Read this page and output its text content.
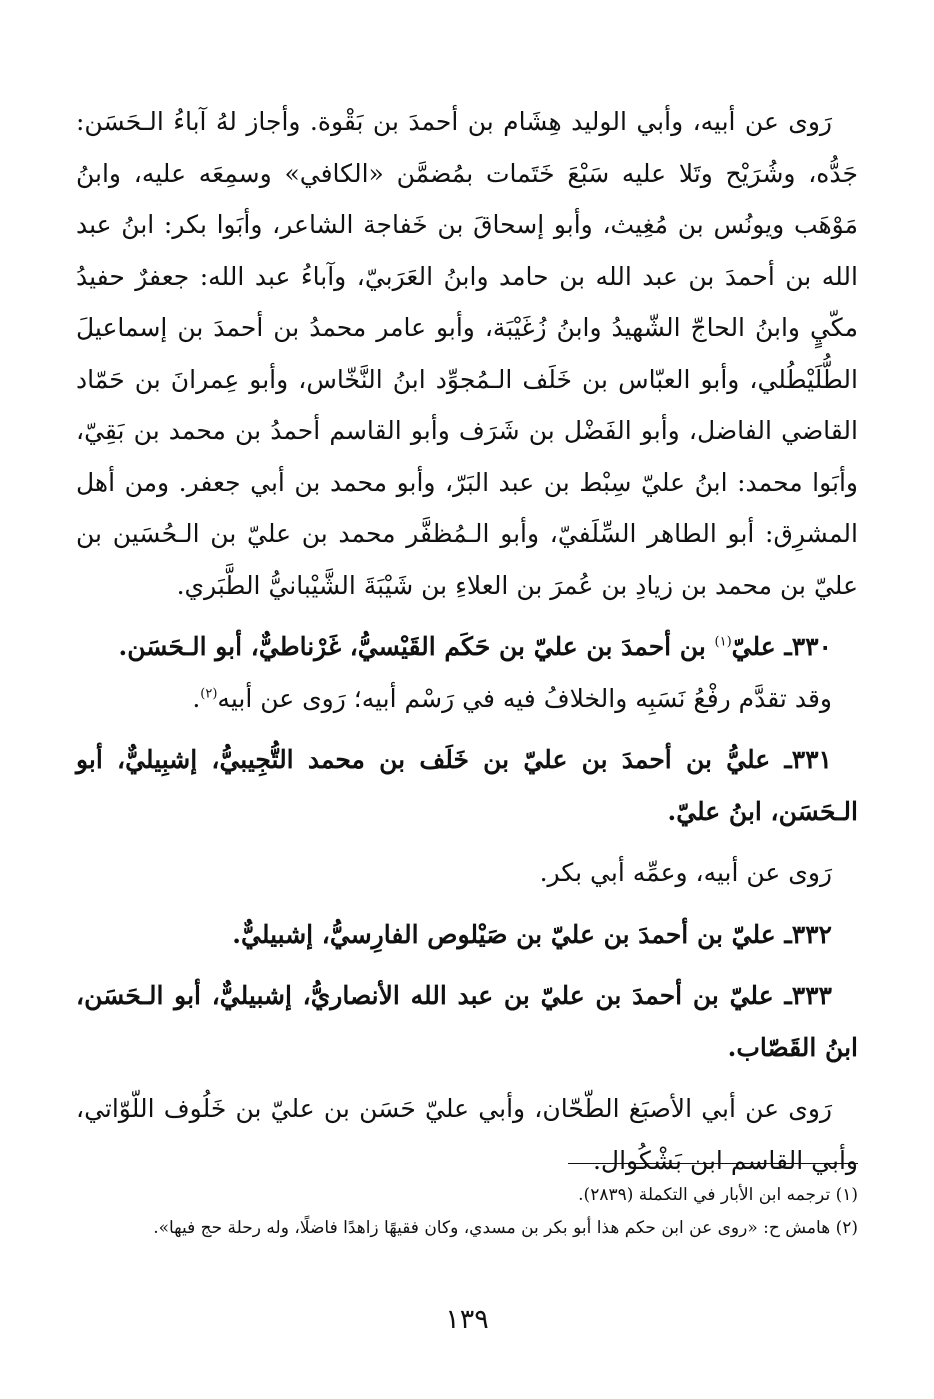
رَوى عن أبيه، وأبي الوليد هِشَام بن أحمدَ بن بَقْوة. وأجاز لهُ آباءُ الـحَسَن: جَدُّه، وشُرَيْح وتَلا عليه سَبْعَ خَتَمات بمُضمَّن «الكافي» وسمِعَه عليه، وابنُ مَوْهَب ويونُس بن مُغِيث، وأبو إسحاقَ بن خَفاجة الشاعر، وأبَوا بكر: ابنُ عبد الله بن أحمدَ بن عبد الله بن حامد وابنُ العَرَبيّ، وآباءُ عبد الله: جعفرٌ حفيدُ مكّيٍ وابنُ الحاجّ الشّهيدُ وابنُ زُغَيْبَة، وأبو عامر محمدُ بن أحمدَ بن إسماعيلَ الطُّلَيْطُلي، وأبو العبّاس بن خَلَف الـمُجوِّد ابنُ النَّخّاس، وأبو عِمرانَ بن حَمّاد القاضي الفاضل، وأبو الفَضْل بن شَرَف وأبو القاسم أحمدُ بن محمد بن بَقِيّ، وأبَوا محمد: ابنُ عليّ سِبْط بن عبد البَرّ، وأبو محمد بن أبي جعفر. ومن أهل المشرِق: أبو الطاهر السِّلَفيّ، وأبو الـمُظفَّر محمد بن عليّ بن الـحُسَين بن عليّ بن محمد بن زيادِ بن عُمرَ بن العلاءِ بن شَيْبَةَ الشَّيْبانيُّ الطَّبَري.

٣٣٠ـ عليّ$^{(١)}$ بن أحمدَ بن عليّ بن حَكَم القَيْسيُّ، غَرْناطيٌّ، أبو الـحَسَن.

وقد تقدَّم رفْعُ نَسَبِه والخلافُ فيه في رَسْم أبيه؛ رَوى عن أبيه$^{(٢)}$.

٣٣١ـ عليُّ بن أحمدَ بن عليّ بن خَلَف بن محمد التُّجِيبيُّ، إشبِيليٌّ، أبو الـحَسَن، ابنُ عليّ.

رَوى عن أبيه، وعمِّه أبي بكر.

٣٣٢ـ عليّ بن أحمدَ بن عليّ بن صَيْلوص الفارِسيُّ، إشبيليٌّ.

٣٣٣ـ عليّ بن أحمدَ بن عليّ بن عبد الله الأنصاريُّ، إشبيليٌّ، أبو الـحَسَن، ابنُ القَصّاب.

رَوى عن أبي الأصبَغ الطّحّان، وأبي عليّ حَسَن بن عليّ بن خَلُوف اللّوّاتي، وأبي القاسم ابن بَشْكُوال.

(١) ترجمه ابن الأبار في التكملة (٢٨٣٩).

(٢) هامش ح: «روى عن ابن حكم هذا أبو بكر بن مسدي، وكان فقيهًا زاهدًا فاضلًا، وله رحلة حج فيها».

١٣٩
